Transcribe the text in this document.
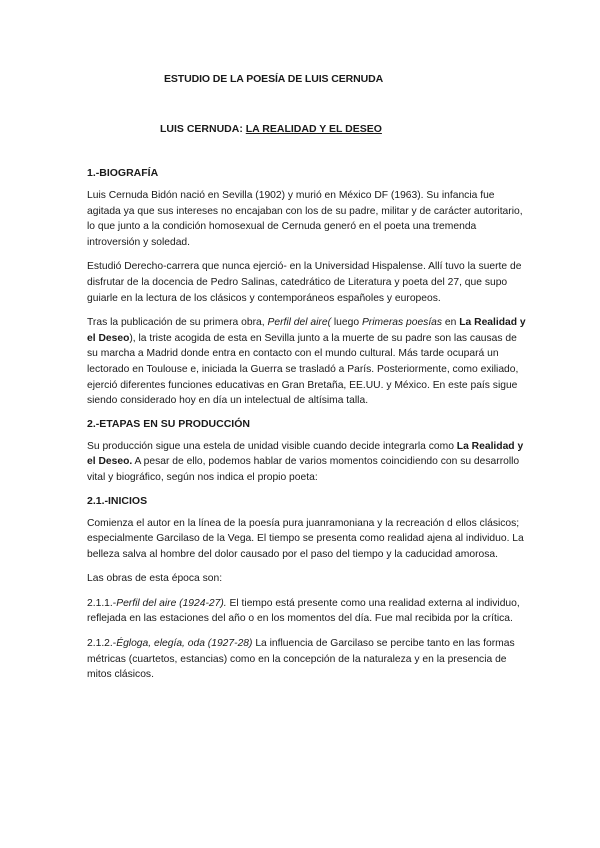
ESTUDIO DE LA POESÍA DE LUIS CERNUDA
LUIS CERNUDA: LA REALIDAD Y EL DESEO
1.-BIOGRAFÍA

Luis Cernuda Bidón nació en Sevilla (1902) y murió en México DF (1963). Su infancia fue agitada ya que sus intereses no encajaban con los de su padre, militar y de carácter autoritario, lo que junto a la condición homosexual de Cernuda generó en el poeta una tremenda introversión y soledad.

Estudió Derecho-carrera que nunca ejerció- en la Universidad Hispalense. Allí tuvo la suerte de disfrutar de la docencia de Pedro Salinas, catedrático de Literatura y poeta del 27, que supo guiarle en la lectura de los clásicos y contemporáneos españoles y europeos.

Tras la publicación de su primera obra, Perfil del aire( luego Primeras poesías en La Realidad y el Deseo), la triste acogida de esta en Sevilla junto a la muerte de su padre son las causas de su marcha a Madrid donde entra en contacto con el mundo cultural. Más tarde ocupará un lectorado en Toulouse e, iniciada la Guerra se trasladó a París. Posteriormente, como exiliado, ejerció diferentes funciones educativas en Gran Bretaña, EE.UU. y México. En este país sigue siendo considerado hoy en día un intelectual de altísima talla.

2.-ETAPAS EN SU PRODUCCIÓN

Su producción sigue una estela de unidad visible cuando decide integrarla como La Realidad y el Deseo. A pesar de ello, podemos hablar de varios momentos coincidiendo con su desarrollo vital y biográfico, según nos indica el propio poeta:

2.1.-INICIOS

Comienza el autor en la línea de la poesía pura juanramoniana y la recreación d ellos clásicos; especialmente Garcilaso de la Vega. El tiempo se presenta como realidad ajena al individuo. La belleza salva al hombre del dolor causado por el paso del tiempo y la caducidad amorosa.

Las obras de esta época son:

2.1.1.-Perfil del aire (1924-27). El tiempo está presente como una realidad externa al individuo, reflejada en las estaciones del año o en los momentos del día. Fue mal recibida por la crítica.

2.1.2.-Égloga, elegía, oda (1927-28) La influencia de Garcilaso se percibe tanto en las formas métricas (cuartetos, estancias) como en la concepción de la naturaleza y en la presencia de mitos clásicos.
